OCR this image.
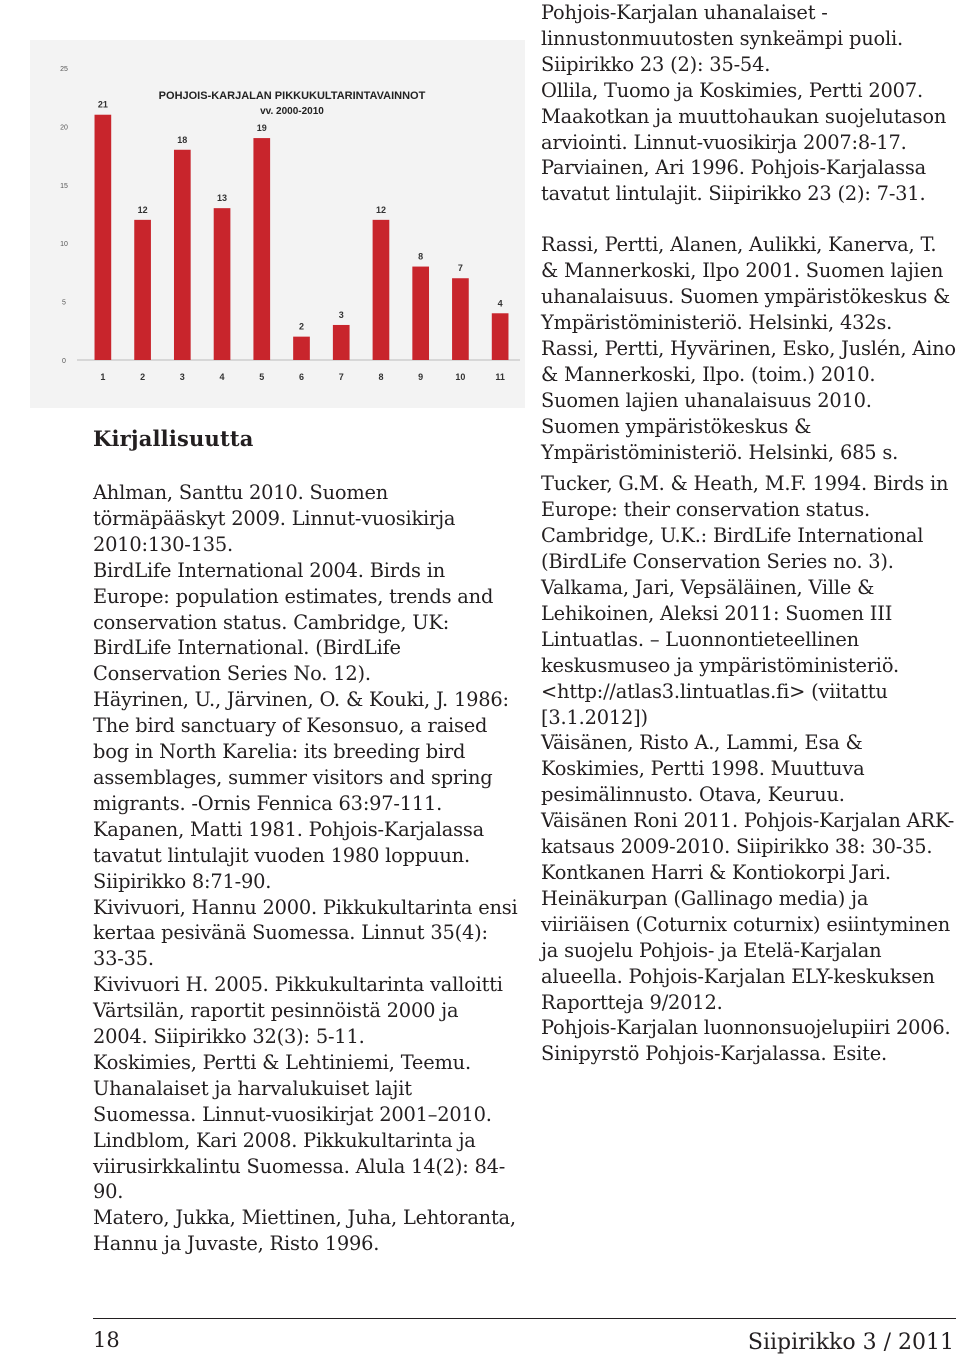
POHJOIS-KARJALAN PIKKUKULTARINTAVAINNOT
vv. 2000-2010
0
5
10
15
20
25
21
1
12
2
18
3
13
4
19
5
2
6
3
7
12
8
8
9
7
10
4
11
Kirjallisuutta

Ahlman, Santtu 2010. Suomen törmäpääskyt 2009. Linnut-vuosikirja 2010:130-135.

BirdLife International 2004. Birds in Europe: population estimates, trends and conservation status. Cambridge, UK: BirdLife International. (BirdLife Conservation Series No. 12).

Häyrinen, U., Järvinen, O. & Kouki, J. 1986: The bird sanctuary of Kesonsuo, a raised bog in North Karelia: its breeding bird assemblages, summer visitors and spring migrants. -Ornis Fennica 63:97-111.

Kapanen, Matti 1981. Pohjois-Karjalassa tavatut lintulajit vuoden 1980 loppuun. Siipirikko 8:71-90.

Kivivuori, Hannu 2000. Pikkukultarinta ensi kertaa pesivänä Suomessa. Linnut 35(4): 33-35.

Kivivuori H. 2005. Pikkukultarinta valloitti Värtsilän, raportit pesinnöistä 2000 ja 2004. Siipirikko 32(3): 5-11.

Koskimies, Pertti & Lehtiniemi, Teemu. Uhanalaiset ja harvalukuiset lajit Suomessa. Linnut-vuosikirjat 2001–2010.

Lindblom, Kari 2008. Pikkukultarinta ja viirusirkkalintu Suomessa. Alula 14(2): 84-90.

Matero, Jukka, Miettinen, Juha, Lehtoranta, Hannu ja Juvaste, Risto 1996.

Pohjois-Karjalan uhanalaiset - linnustonmuutosten synkeämpi puoli. Siipirikko 23 (2): 35-54.

Ollila, Tuomo ja Koskimies, Pertti 2007. Maakotkan ja muuttohaukan suojelutason arviointi. Linnut-vuosikirja 2007:8-17.

Parviainen, Ari 1996. Pohjois-Karjalassa tavatut lintulajit. Siipirikko 23 (2): 7-31.

Rassi, Pertti, Alanen, Aulikki, Kanerva, T. & Mannerkoski, Ilpo 2001. Suomen lajien uhanalaisuus. Suomen ympäristökeskus & Ympäristöministeriö. Helsinki, 432s.

Rassi, Pertti, Hyvärinen, Esko, Juslén, Aino & Mannerkoski, Ilpo. (toim.) 2010. Suomen lajien uhanalaisuus 2010. Suomen ympäristökeskus & Ympäristöministeriö. Helsinki, 685 s.

Tucker, G.M. & Heath, M.F. 1994. Birds in Europe: their conservation status. Cambridge, U.K.: BirdLife International (BirdLife Conservation Series no. 3).

Valkama, Jari, Vepsäläinen, Ville & Lehikoinen, Aleksi 2011: Suomen III Lintuatlas. – Luonnontieteellinen keskusmuseo ja ympäristöministeriö. <http://atlas3.lintuatlas.fi> (viitattu [3.1.2012])

Väisänen, Risto A., Lammi, Esa & Koskimies, Pertti 1998. Muuttuva pesimälinnusto. Otava, Keuruu.

Väisänen Roni 2011. Pohjois-Karjalan ARK-katsaus 2009-2010. Siipirikko 38: 30-35.

Kontkanen Harri & Kontiokorpi Jari. Heinäkurpan (Gallinago media) ja viiriäisen (Coturnix coturnix) esiintyminen ja suojelu Pohjois- ja Etelä-Karjalan alueella. Pohjois-Karjalan ELY-keskuksen Raportteja 9/2012.

Pohjois-Karjalan luonnonsuojelupiiri 2006. Sinipyrstö Pohjois-Karjalassa. Esite.

18	Siipirikko 3 / 2011
